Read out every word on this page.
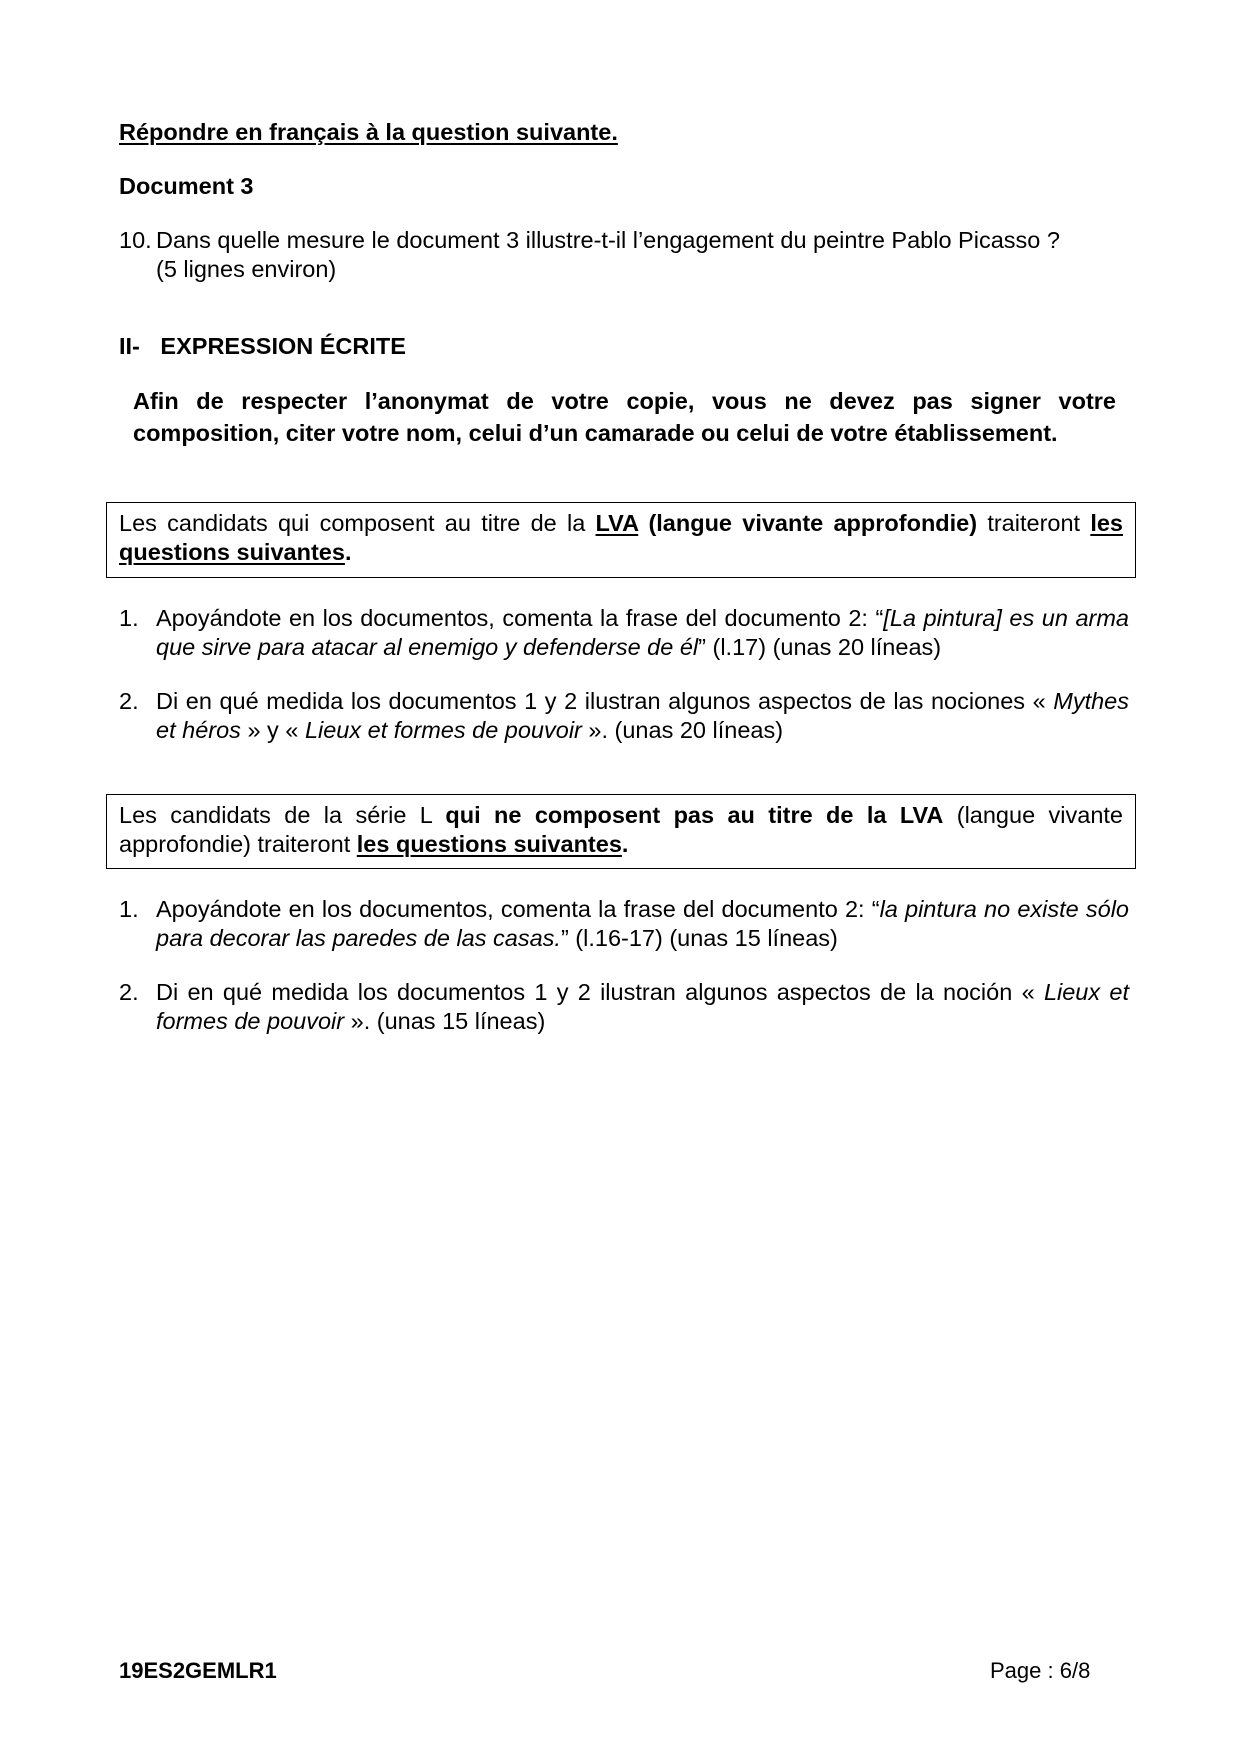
Répondre en français à la question suivante.
Document 3
10. Dans quelle mesure le document 3 illustre-t-il l’engagement du peintre Pablo Picasso ?
(5 lignes environ)
II- EXPRESSION ÉCRITE
Afin de respecter l’anonymat de votre copie, vous ne devez pas signer votre composition, citer votre nom, celui d’un camarade ou celui de votre établissement.
Les candidats qui composent au titre de la LVA (langue vivante approfondie) traiteront les questions suivantes.
1. Apoyándote en los documentos, comenta la frase del documento 2: “[La pintura] es un arma que sirve para atacar al enemigo y defenderse de él” (l.17) (unas 20 líneas)
2. Di en qué medida los documentos 1 y 2 ilustran algunos aspectos de las nociones « Mythes et héros » y « Lieux et formes de pouvoir ». (unas 20 líneas)
Les candidats de la série L qui ne composent pas au titre de la LVA (langue vivante approfondie) traiteront les questions suivantes.
1. Apoyándote en los documentos, comenta la frase del documento 2: “la pintura no existe sólo para decorar las paredes de las casas.” (l.16-17) (unas 15 líneas)
2. Di en qué medida los documentos 1 y 2 ilustran algunos aspectos de la noción « Lieux et formes de pouvoir ». (unas 15 líneas)
19ES2GEMLR1	Page : 6/8
